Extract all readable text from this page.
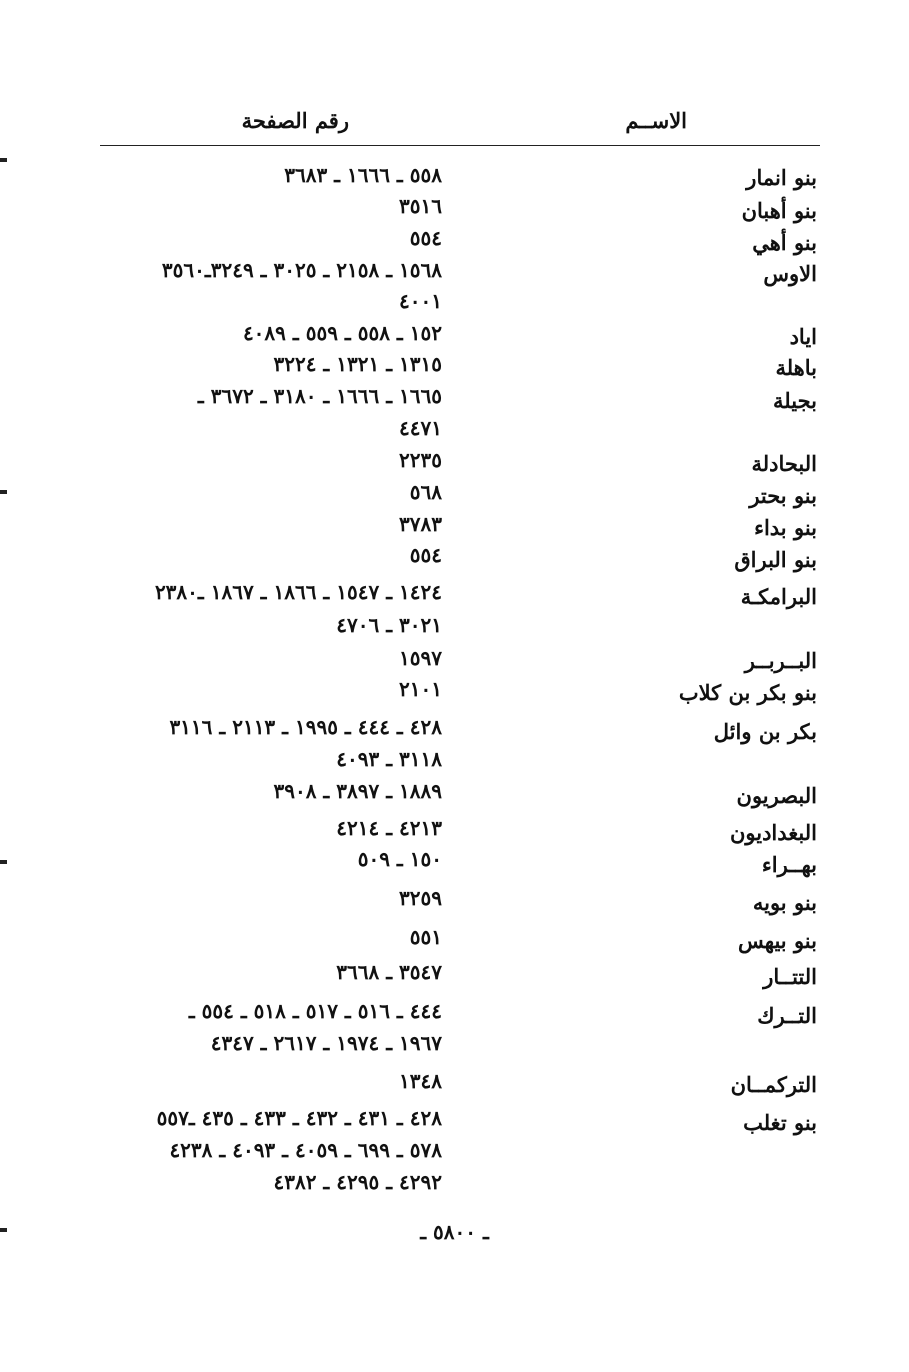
الاســم
رقم الصفحة
بنو انمار
٥٥٨ ـ ١٦٦٦ ـ ٣٦٨٣
بنو أهبان
٣٥١٦
بنو أهي
٥٥٤
الاوس
١٥٦٨ ـ ٢١٥٨ ـ ٣٠٢٥ ـ ٣٢٤٩ـ٣٥٦٠
٤٠٠١
اياد
١٥٢ ـ ٥٥٨ ـ ٥٥٩ ـ ٤٠٨٩
باهلة
١٣١٥ ـ ١٣٢١ ـ ٣٢٢٤
بجيلة
١٦٦٥ ـ ١٦٦٦ ـ ٣١٨٠ ـ ٣٦٧٢ ـ
٤٤٧١
البحادلة
٢٢٣٥
بنو بحتر
٥٦٨
بنو بداء
٣٧٨٣
بنو البراق
٥٥٤
البرامكـة
١٤٢٤ ـ ١٥٤٧ ـ ١٨٦٦ ـ ١٨٦٧ ـ٢٣٨٠
٣٠٢١ ـ ٤٧٠٦
البــربــر
١٥٩٧
بنو بكر بن كلاب
٢١٠١
بكر بن وائل
٤٢٨ ـ ٤٤٤ ـ ١٩٩٥ ـ ٢١١٣ ـ ٣١١٦
٣١١٨ ـ ٤٠٩٣
البصريون
١٨٨٩ ـ ٣٨٩٧ ـ ٣٩٠٨
البغداديون
٤٢١٣ ـ ٤٢١٤
بهــراء
١٥٠ ـ ٥٠٩
بنو بويه
٣٢٥٩
بنو بيهس
٥٥١
التتــار
٣٥٤٧ ـ ٣٦٦٨
التــرك
٤٤٤ ـ ٥١٦ ـ ٥١٧ ـ ٥١٨ ـ ٥٥٤ ـ
١٩٦٧ ـ ١٩٧٤ ـ ٢٦١٧ ـ ٤٣٤٧
التركمــان
١٣٤٨
بنو تغلب
٤٢٨ ـ ٤٣١ ـ ٤٣٢ ـ ٤٣٣ ـ ٤٣٥ ـ٥٥٧
٥٧٨ ـ ٦٩٩ ـ ٤٠٥٩ ـ ٤٠٩٣ ـ ٤٢٣٨
٤٢٩٢ ـ ٤٢٩٥ ـ ٤٣٨٢
ـ ٥٨٠٠ ـ
